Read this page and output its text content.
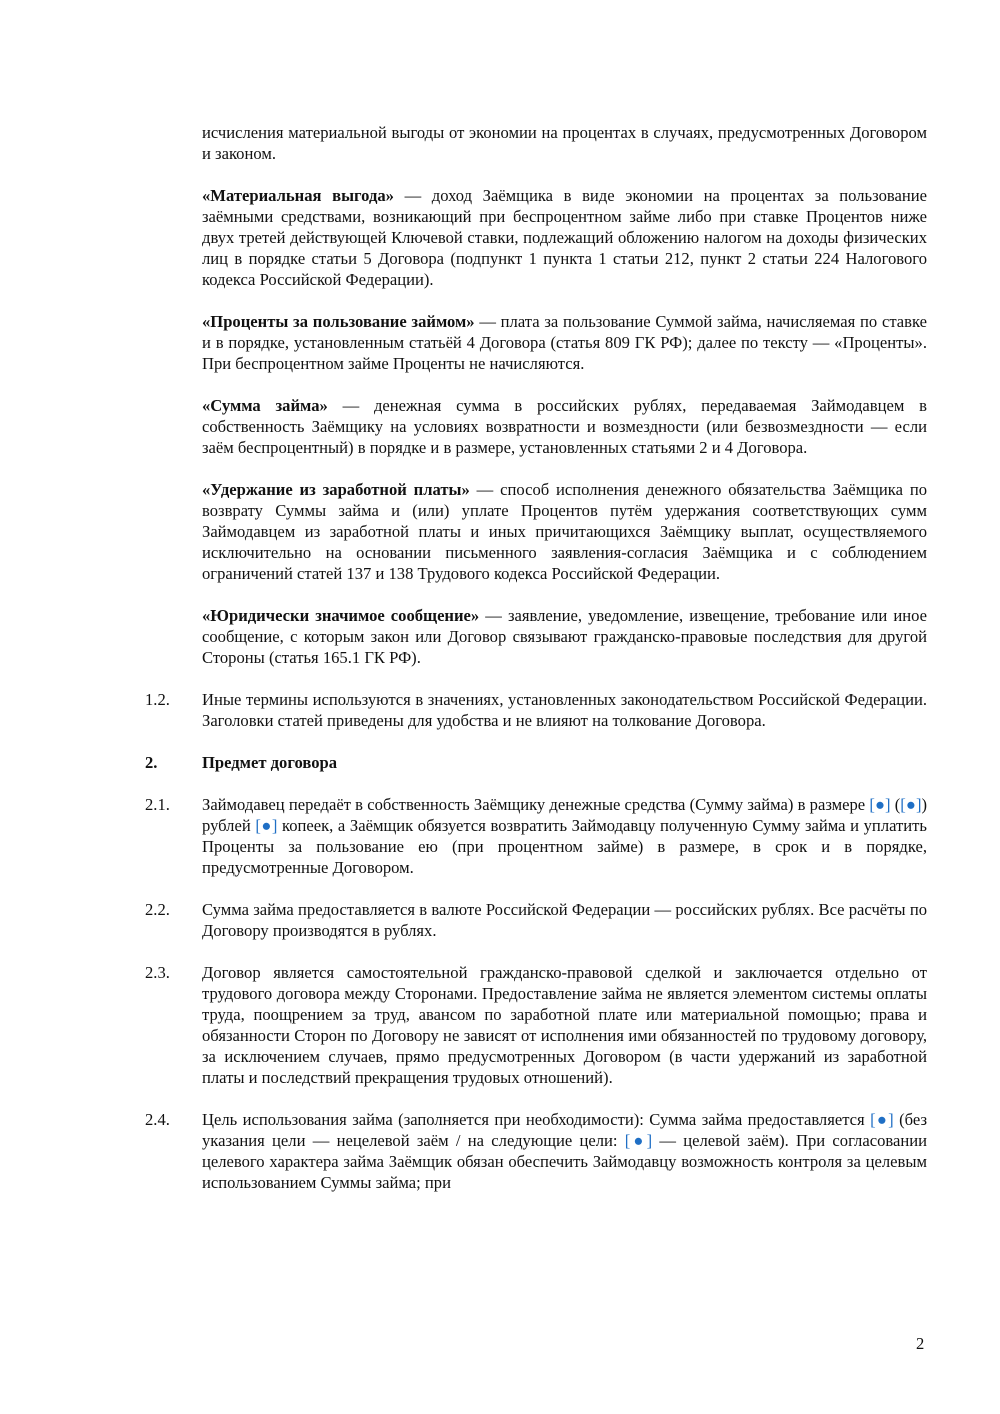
исчисления материальной выгоды от экономии на процентах в случаях, предусмотренных Договором и законом.

«Материальная выгода» — доход Заёмщика в виде экономии на процентах за пользование заёмными средствами, возникающий при беспроцентном займе либо при ставке Процентов ниже двух третей действующей Ключевой ставки, подлежащий обложению налогом на доходы физических лиц в порядке статьи 5 Договора (подпункт 1 пункта 1 статьи 212, пункт 2 статьи 224 Налогового кодекса Российской Федерации).

«Проценты за пользование займом» — плата за пользование Суммой займа, начисляемая по ставке и в порядке, установленным статьёй 4 Договора (статья 809 ГК РФ); далее по тексту — «Проценты». При беспроцентном займе Проценты не начисляются.

«Сумма займа» — денежная сумма в российских рублях, передаваемая Займодавцем в собственность Заёмщику на условиях возвратности и возмездности (или безвозмездности — если заём беспроцентный) в порядке и в размере, установленных статьями 2 и 4 Договора.

«Удержание из заработной платы» — способ исполнения денежного обязательства Заёмщика по возврату Суммы займа и (или) уплате Процентов путём удержания соответствующих сумм Займодавцем из заработной платы и иных причитающихся Заёмщику выплат, осуществляемого исключительно на основании письменного заявления-согласия Заёмщика и с соблюдением ограничений статей 137 и 138 Трудового кодекса Российской Федерации.

«Юридически значимое сообщение» — заявление, уведомление, извещение, требование или иное сообщение, с которым закон или Договор связывают гражданско-правовые последствия для другой Стороны (статья 165.1 ГК РФ).

1.2.	Иные термины используются в значениях, установленных законодательством Российской Федерации. Заголовки статей приведены для удобства и не влияют на толкование Договора.
2.	Предмет договора
2.1.	Займодавец передаёт в собственность Заёмщику денежные средства (Сумму займа) в размере [●] ([●]) рублей [●] копеек, а Заёмщик обязуется возвратить Займодавцу полученную Сумму займа и уплатить Проценты за пользование ею (при процентном займе) в размере, в срок и в порядке, предусмотренные Договором.
2.2.	Сумма займа предоставляется в валюте Российской Федерации — российских рублях. Все расчёты по Договору производятся в рублях.
2.3.	Договор является самостоятельной гражданско-правовой сделкой и заключается отдельно от трудового договора между Сторонами. Предоставление займа не является элементом системы оплаты труда, поощрением за труд, авансом по заработной плате или материальной помощью; права и обязанности Сторон по Договору не зависят от исполнения ими обязанностей по трудовому договору, за исключением случаев, прямо предусмотренных Договором (в части удержаний из заработной платы и последствий прекращения трудовых отношений).
2.4.	Цель использования займа (заполняется при необходимости): Сумма займа предоставляется [●] (без указания цели — нецелевой заём / на следующие цели: [●] — целевой заём). При согласовании целевого характера займа Заёмщик обязан обеспечить Займодавцу возможность контроля за целевым использованием Суммы займа; при
2
